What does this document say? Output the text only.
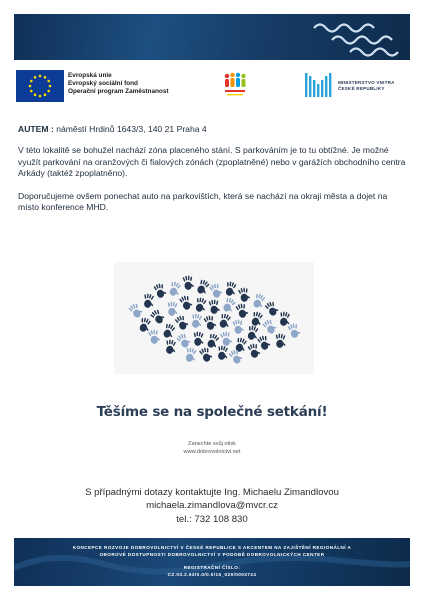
Evropská unie
Evropský sociální fond
Operační program Zaměstnanost
MINISTERSTVO VNITRA
ČESKÉ REPUBLIKY
AUTEM : náměstí Hrdinů 1643/3, 140 21 Praha 4
V této lokalitě se bohužel nachází zóna placeného stání. S parkováním je to tu obtížné. Je možné využít parkování na oranžových či fialových zónách (zpoplatněné) nebo v garážích obchodního centra Arkády (taktéž zpoplatněno).
Doporučujeme ovšem ponechat auto na parkovištích, která se nachází na okraji města a dojet na místo konference MHD.
Těšíme se na společné setkání!
Zanechte svůj otisk
www.dobrovolnictvi.net
S případnými dotazy kontaktujte Ing. Michaelu Zimandlovou
michaela.zimandlova@mvcr.cz
tel.: 732 108 830
KONCEPCE ROZVOJE DOBROVOLNICTVÍ V ČESKÉ REPUBLICE S AKCENTEM NA ZAJIŠTĚNÍ REGIONÁLNÍ A
OBOROVÉ DOSTUPNOSTI DOBROVOLNICTVÍ V PODOBĚ DOBROVOLNICKÝCH CENTER
REGISTRAČNÍ ČÍSLO:
CZ.03.2.63/0.0/0.0/15_029/0003724
